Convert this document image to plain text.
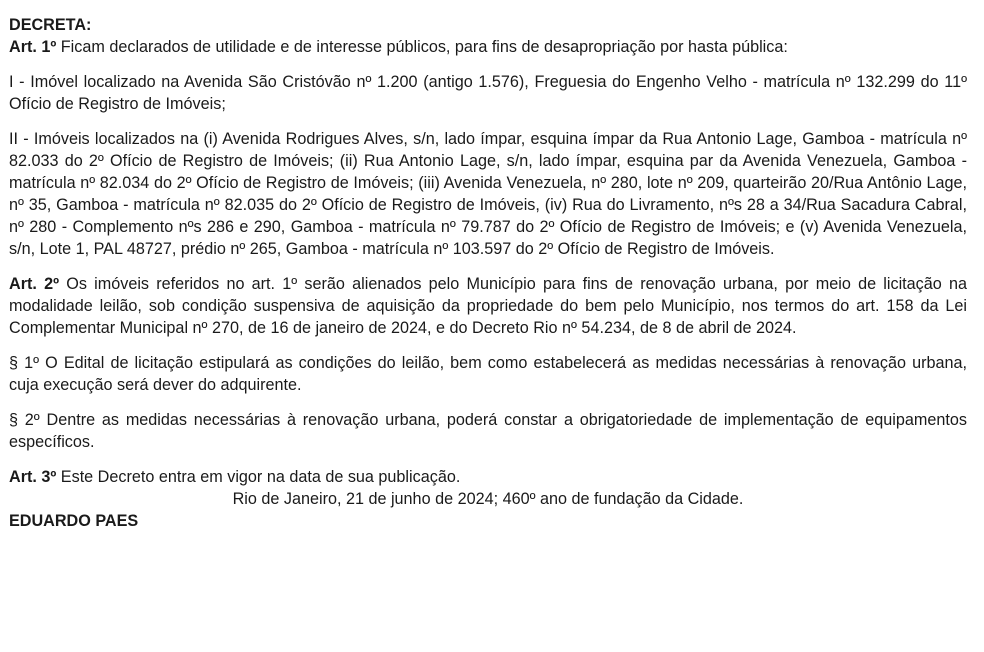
DECRETA:

Art. 1º Ficam declarados de utilidade e de interesse públicos, para fins de desapropriação por hasta pública:

I - Imóvel localizado na Avenida São Cristóvão nº 1.200 (antigo 1.576), Freguesia do Engenho Velho - matrícula nº 132.299 do 11º Ofício de Registro de Imóveis;

II - Imóveis localizados na (i) Avenida Rodrigues Alves, s/n, lado ímpar, esquina ímpar da Rua Antonio Lage, Gamboa - matrícula nº 82.033 do 2º Ofício de Registro de Imóveis; (ii) Rua Antonio Lage, s/n, lado ímpar, esquina par da Avenida Venezuela, Gamboa - matrícula nº 82.034 do 2º Ofício de Registro de Imóveis; (iii) Avenida Venezuela, nº 280, lote nº 209, quarteirão 20/Rua Antônio Lage, nº 35, Gamboa - matrícula nº 82.035 do 2º Ofício de Registro de Imóveis, (iv) Rua do Livramento, nºs 28 a 34/Rua Sacadura Cabral, nº 280 - Complemento nºs 286 e 290, Gamboa - matrícula nº 79.787 do 2º Ofício de Registro de Imóveis; e (v) Avenida Venezuela, s/n, Lote 1, PAL 48727, prédio nº 265, Gamboa - matrícula nº 103.597 do 2º Ofício de Registro de Imóveis.

Art. 2º Os imóveis referidos no art. 1º serão alienados pelo Município para fins de renovação urbana, por meio de licitação na modalidade leilão, sob condição suspensiva de aquisição da propriedade do bem pelo Município, nos termos do art. 158 da Lei Complementar Municipal nº 270, de 16 de janeiro de 2024, e do Decreto Rio nº 54.234, de 8 de abril de 2024.

§ 1º O Edital de licitação estipulará as condições do leilão, bem como estabelecerá as medidas necessárias à renovação urbana, cuja execução será dever do adquirente.

§ 2º Dentre as medidas necessárias à renovação urbana, poderá constar a obrigatoriedade de implementação de equipamentos específicos.

Art. 3º Este Decreto entra em vigor na data de sua publicação.

Rio de Janeiro, 21 de junho de 2024; 460º ano de fundação da Cidade.

EDUARDO PAES
